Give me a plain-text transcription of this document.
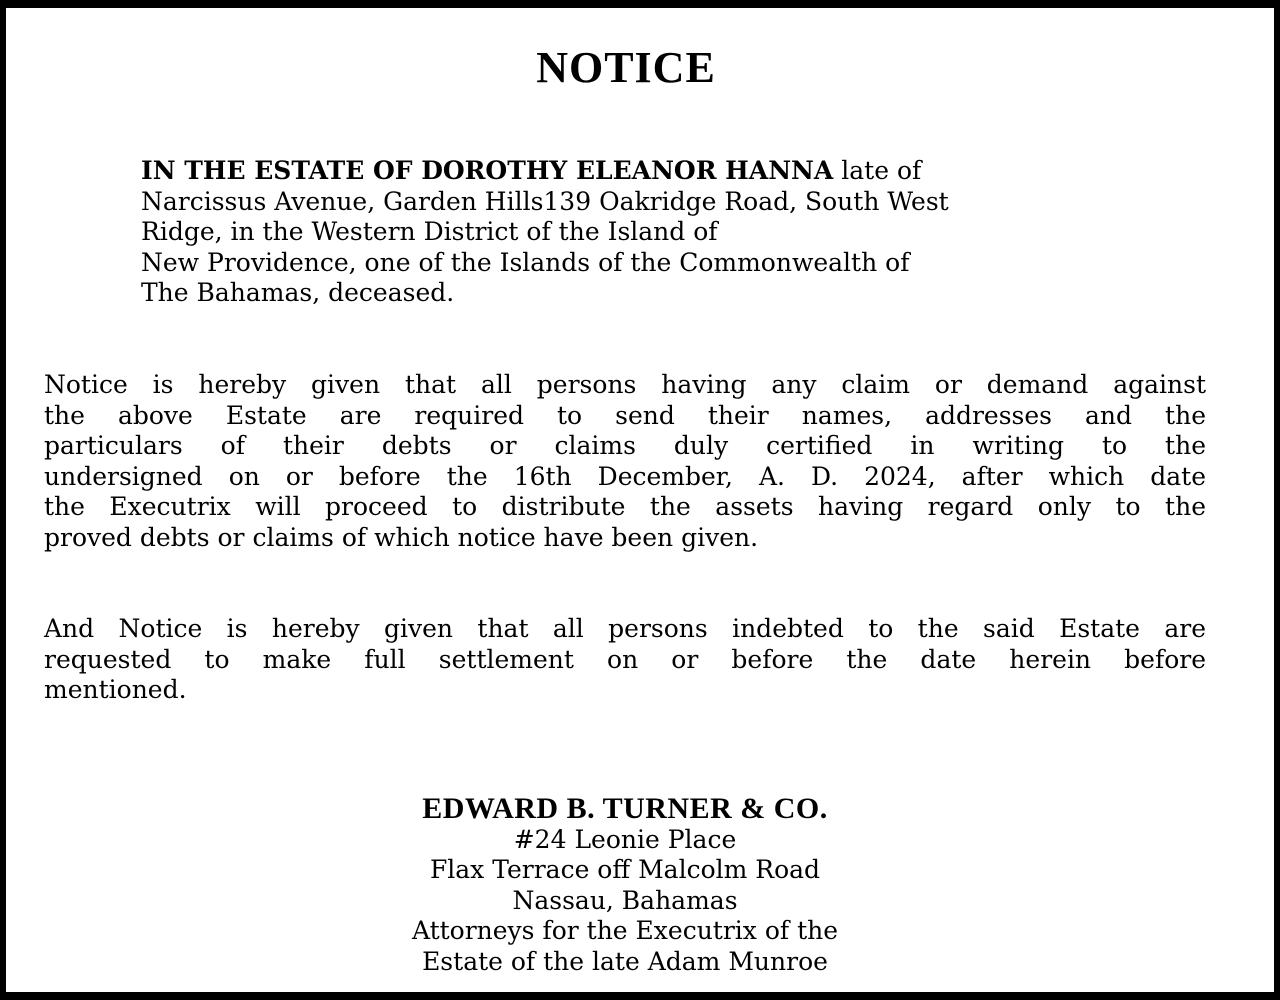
NOTICE
IN THE ESTATE OF DOROTHY ELEANOR HANNA late of
Narcissus Avenue, Garden Hills139 Oakridge Road, South West
Ridge, in the Western District of the Island of
New Providence, one of the Islands of the Commonwealth of
The Bahamas, deceased.
Notice is hereby given that all persons having any claim or demand against
the above Estate are required to send their names, addresses and the
particulars of their debts or claims duly certified in writing to the
undersigned on or before the 16th December, A. D. 2024, after which date
the Executrix will proceed to distribute the assets having regard only to the
proved debts or claims of which notice have been given.
And Notice is hereby given that all persons indebted to the said Estate are
requested to make full settlement on or before the date herein before
mentioned.
EDWARD B. TURNER & CO.
#24 Leonie Place
Flax Terrace off Malcolm Road
Nassau, Bahamas
Attorneys for the Executrix of the
Estate of the late Adam Munroe
